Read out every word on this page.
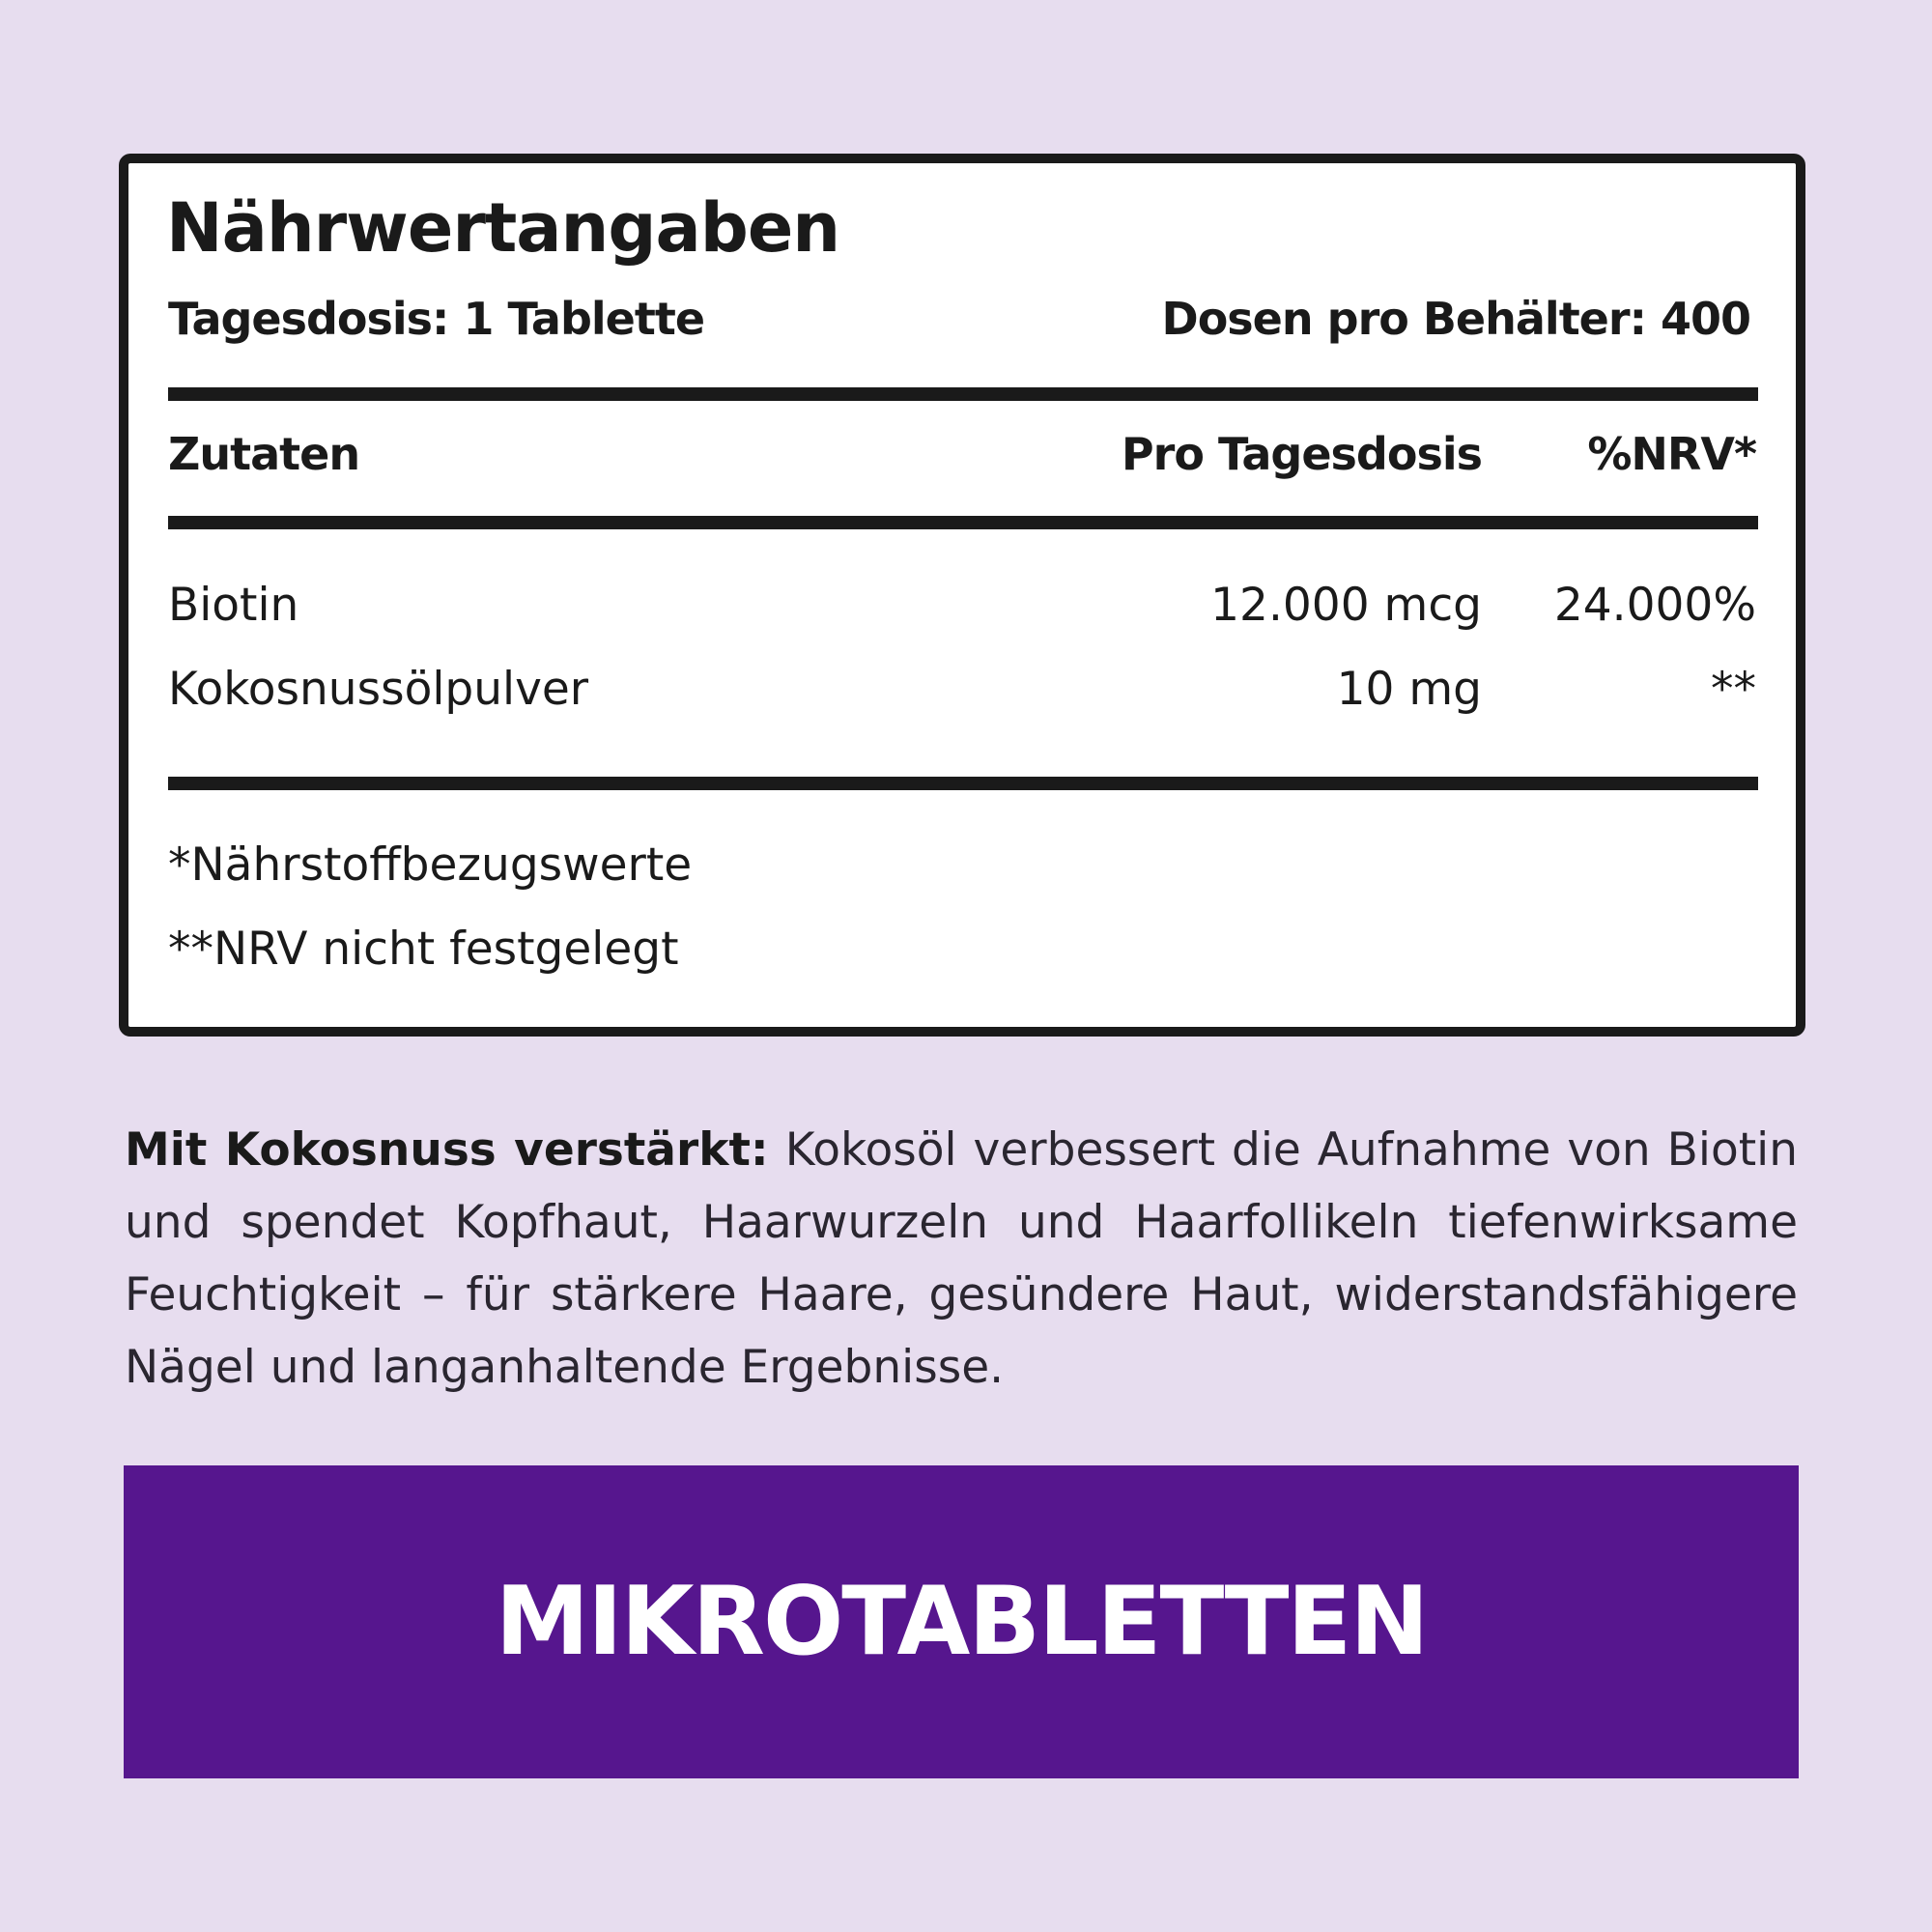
Nährwertangaben
Tagesdosis: 1 Tablette	Dosen pro Behälter: 400
Zutaten	Pro Tagesdosis %NRV*
Biotin	12.000 mcg 24.000%
Kokosnussölpulver	10 mg	**
*Nährstoffbezugswerte
**NRV nicht festgelegt
Mit Kokosnuss verstärkt: Kokosöl verbessert die Aufnahme von Biotin und spendet Kopfhaut, Haarwurzeln und Haarfollikeln tiefenwirksame Feuchtigkeit – für stärkere Haare, gesündere Haut, widerstandsfähigere Nägel und langanhaltende Ergebnisse.
MIKROTABLETTEN
